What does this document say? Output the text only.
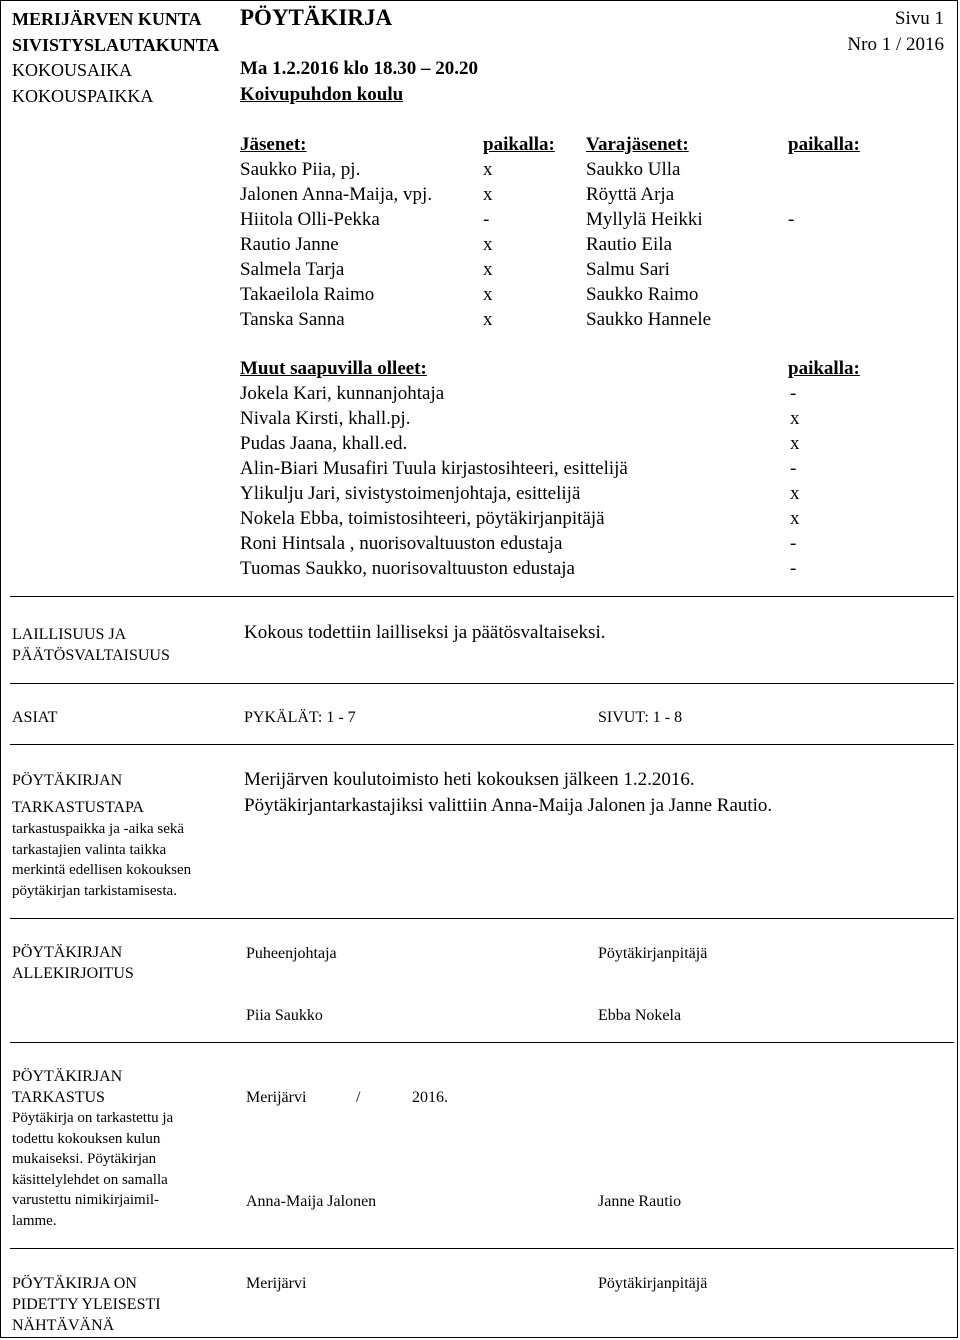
MERIJÄRVEN KUNTA
SIVISTYSLAUTAKUNTA
PÖYTÄKIRJA	Sivu 1
Nro 1 / 2016
KOKOUSAIKA	Ma 1.2.2016 klo 18.30 – 20.20
KOKOUSPAIKKA	Koivupuhdon koulu
Jäsenet:	paikalla: Varajäsenet:	paikalla:
Saukko Piia, pj.	x	Saukko Ulla
Jalonen Anna-Maija, vpj.	x	Röyttä Arja
Hiitola Olli-Pekka	-	Myllylä Heikki	-
Rautio Janne	x	Rautio Eila
Salmela Tarja	x	Salmu Sari
Takaeilola Raimo	x	Saukko Raimo
Tanska Sanna	x	Saukko Hannele
Muut saapuvilla olleet:	paikalla:
Jokela Kari, kunnanjohtaja	-
Nivala Kirsti, khall.pj.	x
Pudas Jaana, khall.ed.	x
Alin-Biari Musafiri Tuula kirjastosihteeri, esittelijä	-
Ylikulju Jari, sivistystoimenjohtaja, esittelijä	x
Nokela Ebba, toimistosihteeri, pöytäkirjanpitäjä	x
Roni Hintsala , nuorisovaltuuston edustaja	-
Tuomas Saukko, nuorisovaltuuston edustaja	-
LAILLISUUS JA
PÄÄTÖSVALTAISUUS
Kokous todettiin lailliseksi ja päätösvaltaiseksi.
ASIAT	PYKÄLÄT: 1 - 7	SIVUT: 1 - 8
PÖYTÄKIRJAN
TARKASTUSTAPA
tarkastuspaikka ja -aika sekä
tarkastajien valinta taikka
merkintä edellisen kokouksen
pöytäkirjan tarkistamisesta.
Merijärven koulutoimisto heti kokouksen jälkeen 1.2.2016.
Pöytäkirjantarkastajiksi valittiin Anna-Maija Jalonen ja Janne Rautio.
PÖYTÄKIRJAN
ALLEKIRJOITUS
Puheenjohtaja	Pöytäkirjanpitäjä
Piia Saukko	Ebba Nokela
PÖYTÄKIRJAN
TARKASTUS
Pöytäkirja on tarkastettu ja
todettu kokouksen kulun
mukaiseksi. Pöytäkirjan
käsittelylehdet on samalla
varustettu nimikirjaimil-
lamme.
Merijärvi	/	2016.
Anna-Maija Jalonen	Janne Rautio
PÖYTÄKIRJA ON
PIDETTY YLEISESTI
NÄHTÄVÄNÄ
Merijärvi	Pöytäkirjanpitäjä
